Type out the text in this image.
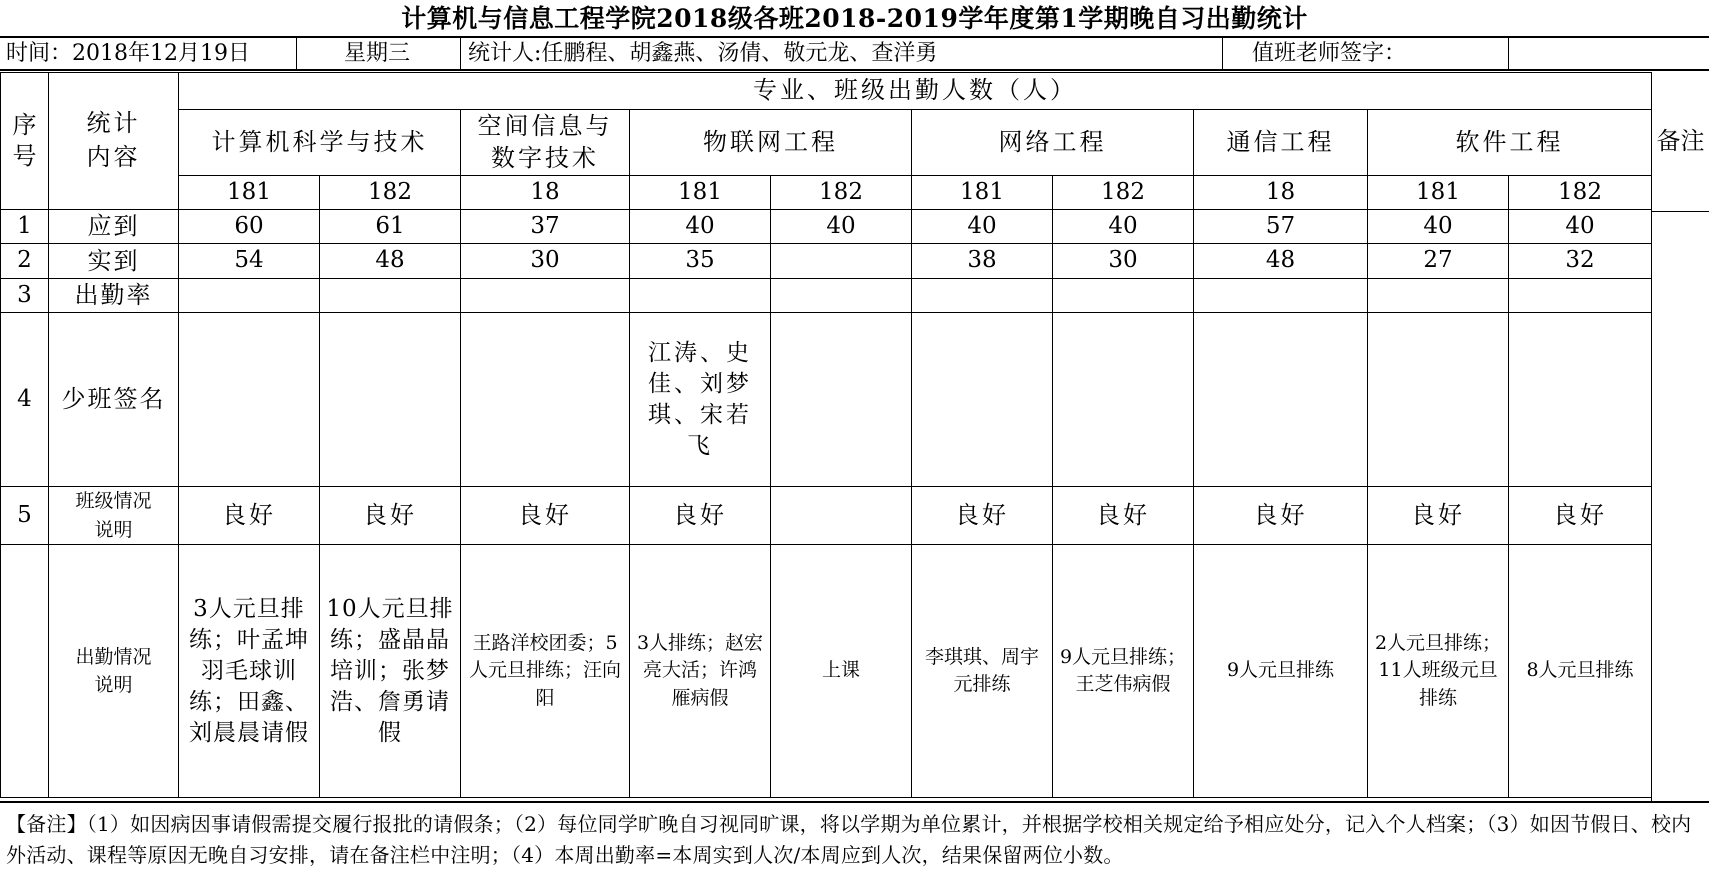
计算机与信息工程学院2018级各班2018-2019学年度第1学期晚自习出勤统计
时间：2018年12月19日	星期三	统计人:任鹏程、胡鑫燕、汤倩、敬元龙、查洋勇	值班老师签字：
序号	统计内容	专业、班级出勤人数（人）									
		计算机科学与技术		空间信息与数字技术	物联网工程		网络工程		通信工程	软件工程	
		181	182	18	181	182	181	182	18	181	182
1	应到	60	61	37	40	40	40	40	57	40	40
2	实到	54	48	30	35		38	30	48	27	32
3	出勤率										
4	少班签名				江涛、史佳、刘梦琪、宋若飞						
5	班级情况说明	良好	良好	良好	良好		良好	良好	良好	良好	良好
	出勤情况说明	3人元旦排练；叶孟坤羽毛球训练；田鑫、刘晨晨请假	10人元旦排练；盛晶晶培训；张梦浩、詹勇请假	王路洋校团委；5人元旦排练；汪向阳	3人排练；赵宏亮大活；许鸿雁病假	上课	李琪琪、周宇元排练	9人元旦排练；王芝伟病假	9人元旦排练	2人元旦排练；11人班级元旦排练	8人元旦排练
备注
【备注】（1）如因病因事请假需提交履行报批的请假条；（2）每位同学旷晚自习视同旷课，将以学期为单位累计，并根据学校相关规定给予相应处分，记入个人档案；（3）如因节假日、校内外活动、课程等原因无晚自习安排，请在备注栏中注明；（4）本周出勤率=本周实到人次/本周应到人次，结果保留两位小数。
